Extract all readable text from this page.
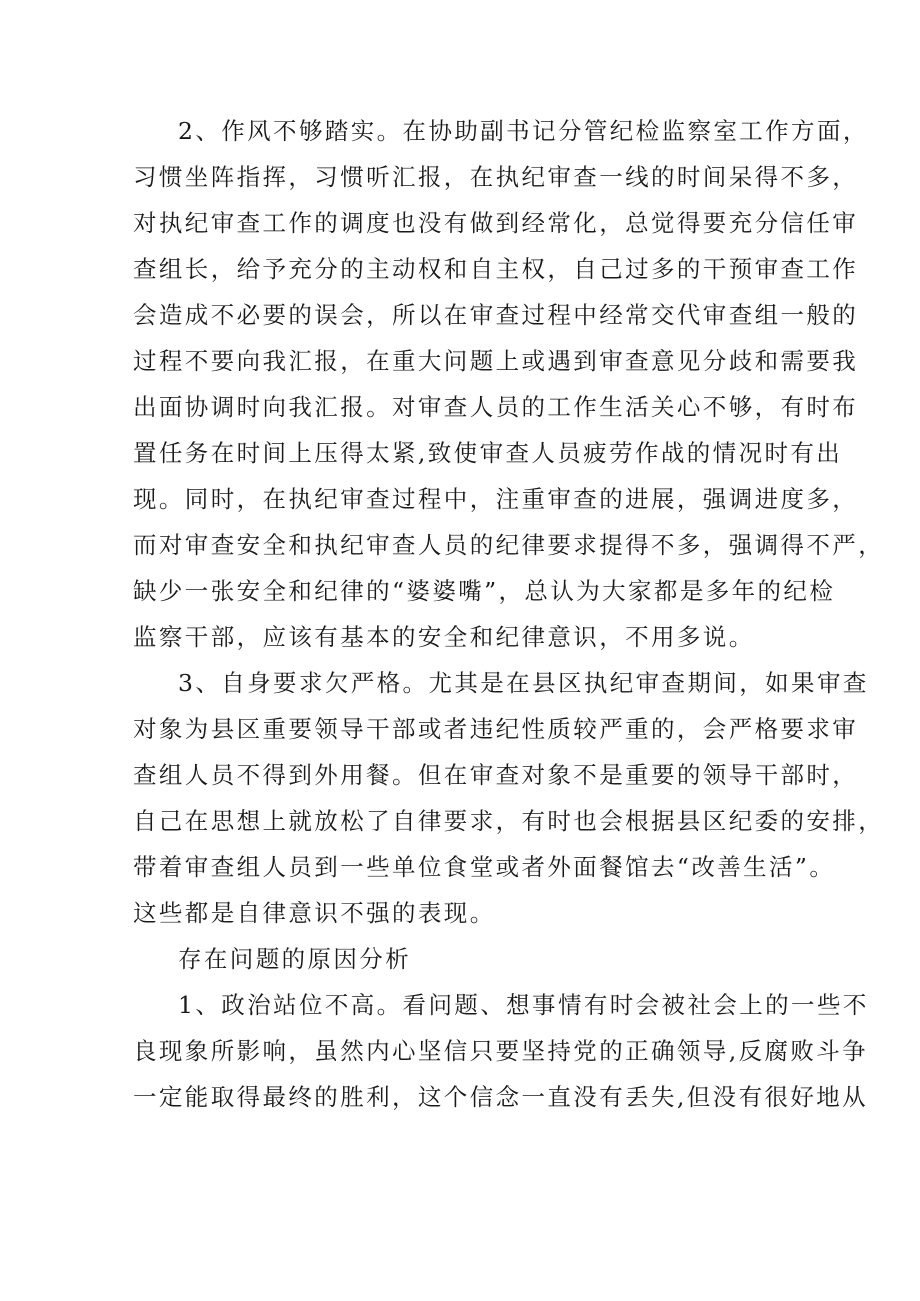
2、作风不够踏实。在协助副书记分管纪检监察室工作方面，
习惯坐阵指挥，习惯听汇报，在执纪审查一线的时间呆得不多，
对执纪审查工作的调度也没有做到经常化，总觉得要充分信任审
查组长，给予充分的主动权和自主权，自己过多的干预审查工作
会造成不必要的误会，所以在审查过程中经常交代审查组一般的
过程不要向我汇报，在重大问题上或遇到审查意见分歧和需要我
出面协调时向我汇报。对审查人员的工作生活关心不够，有时布
置任务在时间上压得太紧,致使审查人员疲劳作战的情况时有出
现。同时，在执纪审查过程中，注重审查的进展，强调进度多，
而对审查安全和执纪审查人员的纪律要求提得不多，强调得不严，
缺少一张安全和纪律的“婆婆嘴”，总认为大家都是多年的纪检
监察干部，应该有基本的安全和纪律意识，不用多说。
3、自身要求欠严格。尤其是在县区执纪审查期间，如果审查
对象为县区重要领导干部或者违纪性质较严重的，会严格要求审
查组人员不得到外用餐。但在审查对象不是重要的领导干部时，
自己在思想上就放松了自律要求，有时也会根据县区纪委的安排，
带着审查组人员到一些单位食堂或者外面餐馆去“改善生活”。
这些都是自律意识不强的表现。
存在问题的原因分析
1、政治站位不高。看问题、想事情有时会被社会上的一些不
良现象所影响，虽然内心坚信只要坚持党的正确领导,反腐败斗争
一定能取得最终的胜利，这个信念一直没有丢失,但没有很好地从
